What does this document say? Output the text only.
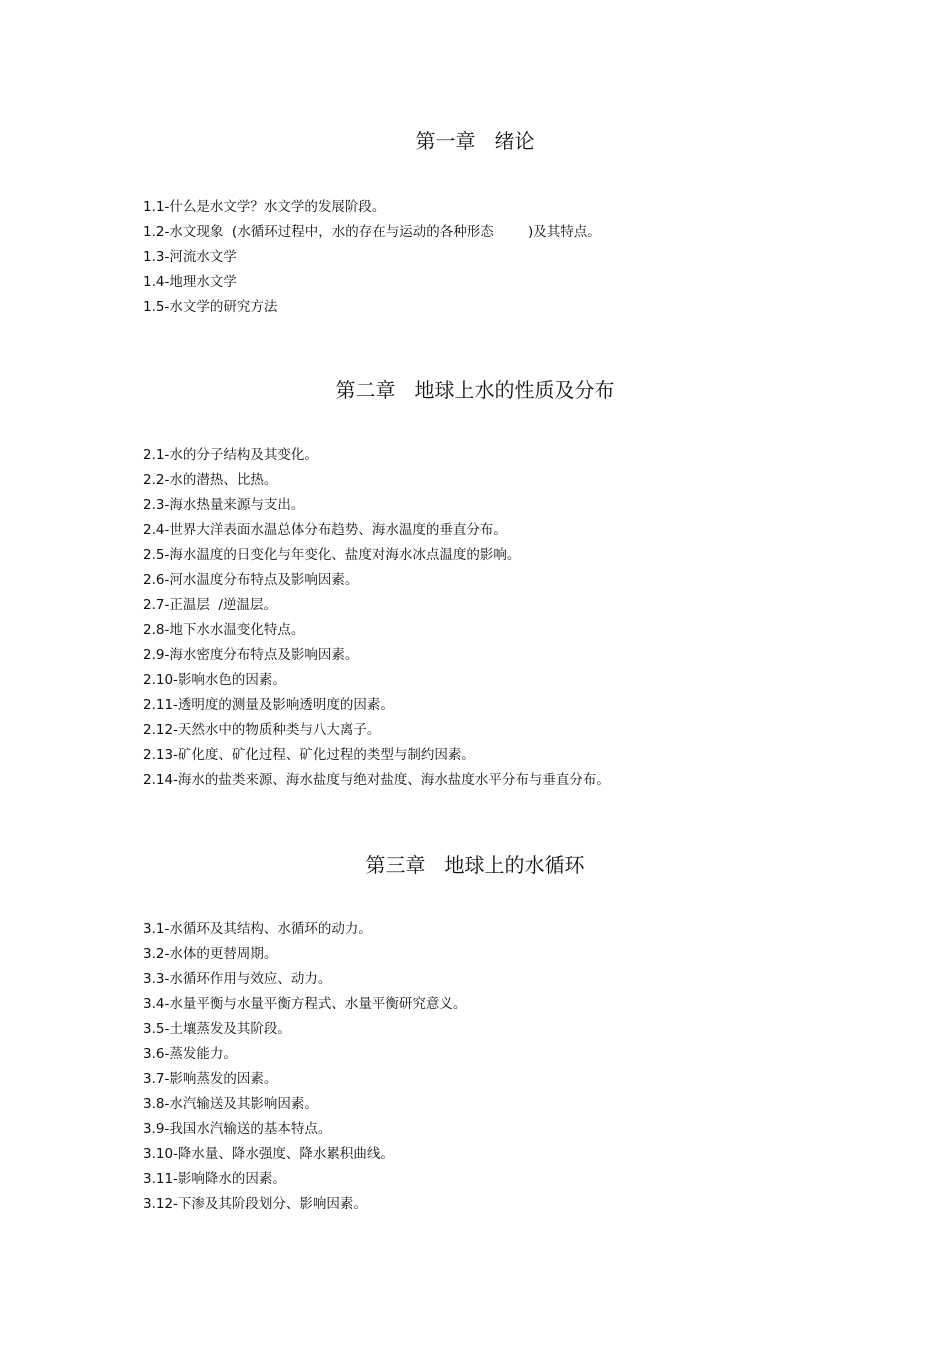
第一章   绪论
1.1-什么是水文学？水文学的发展阶段。
1.2-水文现象  (水循环过程中，水的存在与运动的各种形态        )及其特点。
1.3-河流水文学
1.4-地理水文学
1.5-水文学的研究方法
第二章   地球上水的性质及分布
2.1-水的分子结构及其变化。
2.2-水的潜热、比热。
2.3-海水热量来源与支出。
2.4-世界大洋表面水温总体分布趋势、海水温度的垂直分布。
2.5-海水温度的日变化与年变化、盐度对海水冰点温度的影响。
2.6-河水温度分布特点及影响因素。
2.7-正温层  /逆温层。
2.8-地下水水温变化特点。
2.9-海水密度分布特点及影响因素。
2.10-影响水色的因素。
2.11-透明度的测量及影响透明度的因素。
2.12-天然水中的物质种类与八大离子。
2.13-矿化度、矿化过程、矿化过程的类型与制约因素。
2.14-海水的盐类来源、海水盐度与绝对盐度、海水盐度水平分布与垂直分布。
第三章   地球上的水循环
3.1-水循环及其结构、水循环的动力。
3.2-水体的更替周期。
3.3-水循环作用与效应、动力。
3.4-水量平衡与水量平衡方程式、水量平衡研究意义。
3.5-土壤蒸发及其阶段。
3.6-蒸发能力。
3.7-影响蒸发的因素。
3.8-水汽输送及其影响因素。
3.9-我国水汽输送的基本特点。
3.10-降水量、降水强度、降水累积曲线。
3.11-影响降水的因素。
3.12-下渗及其阶段划分、影响因素。
